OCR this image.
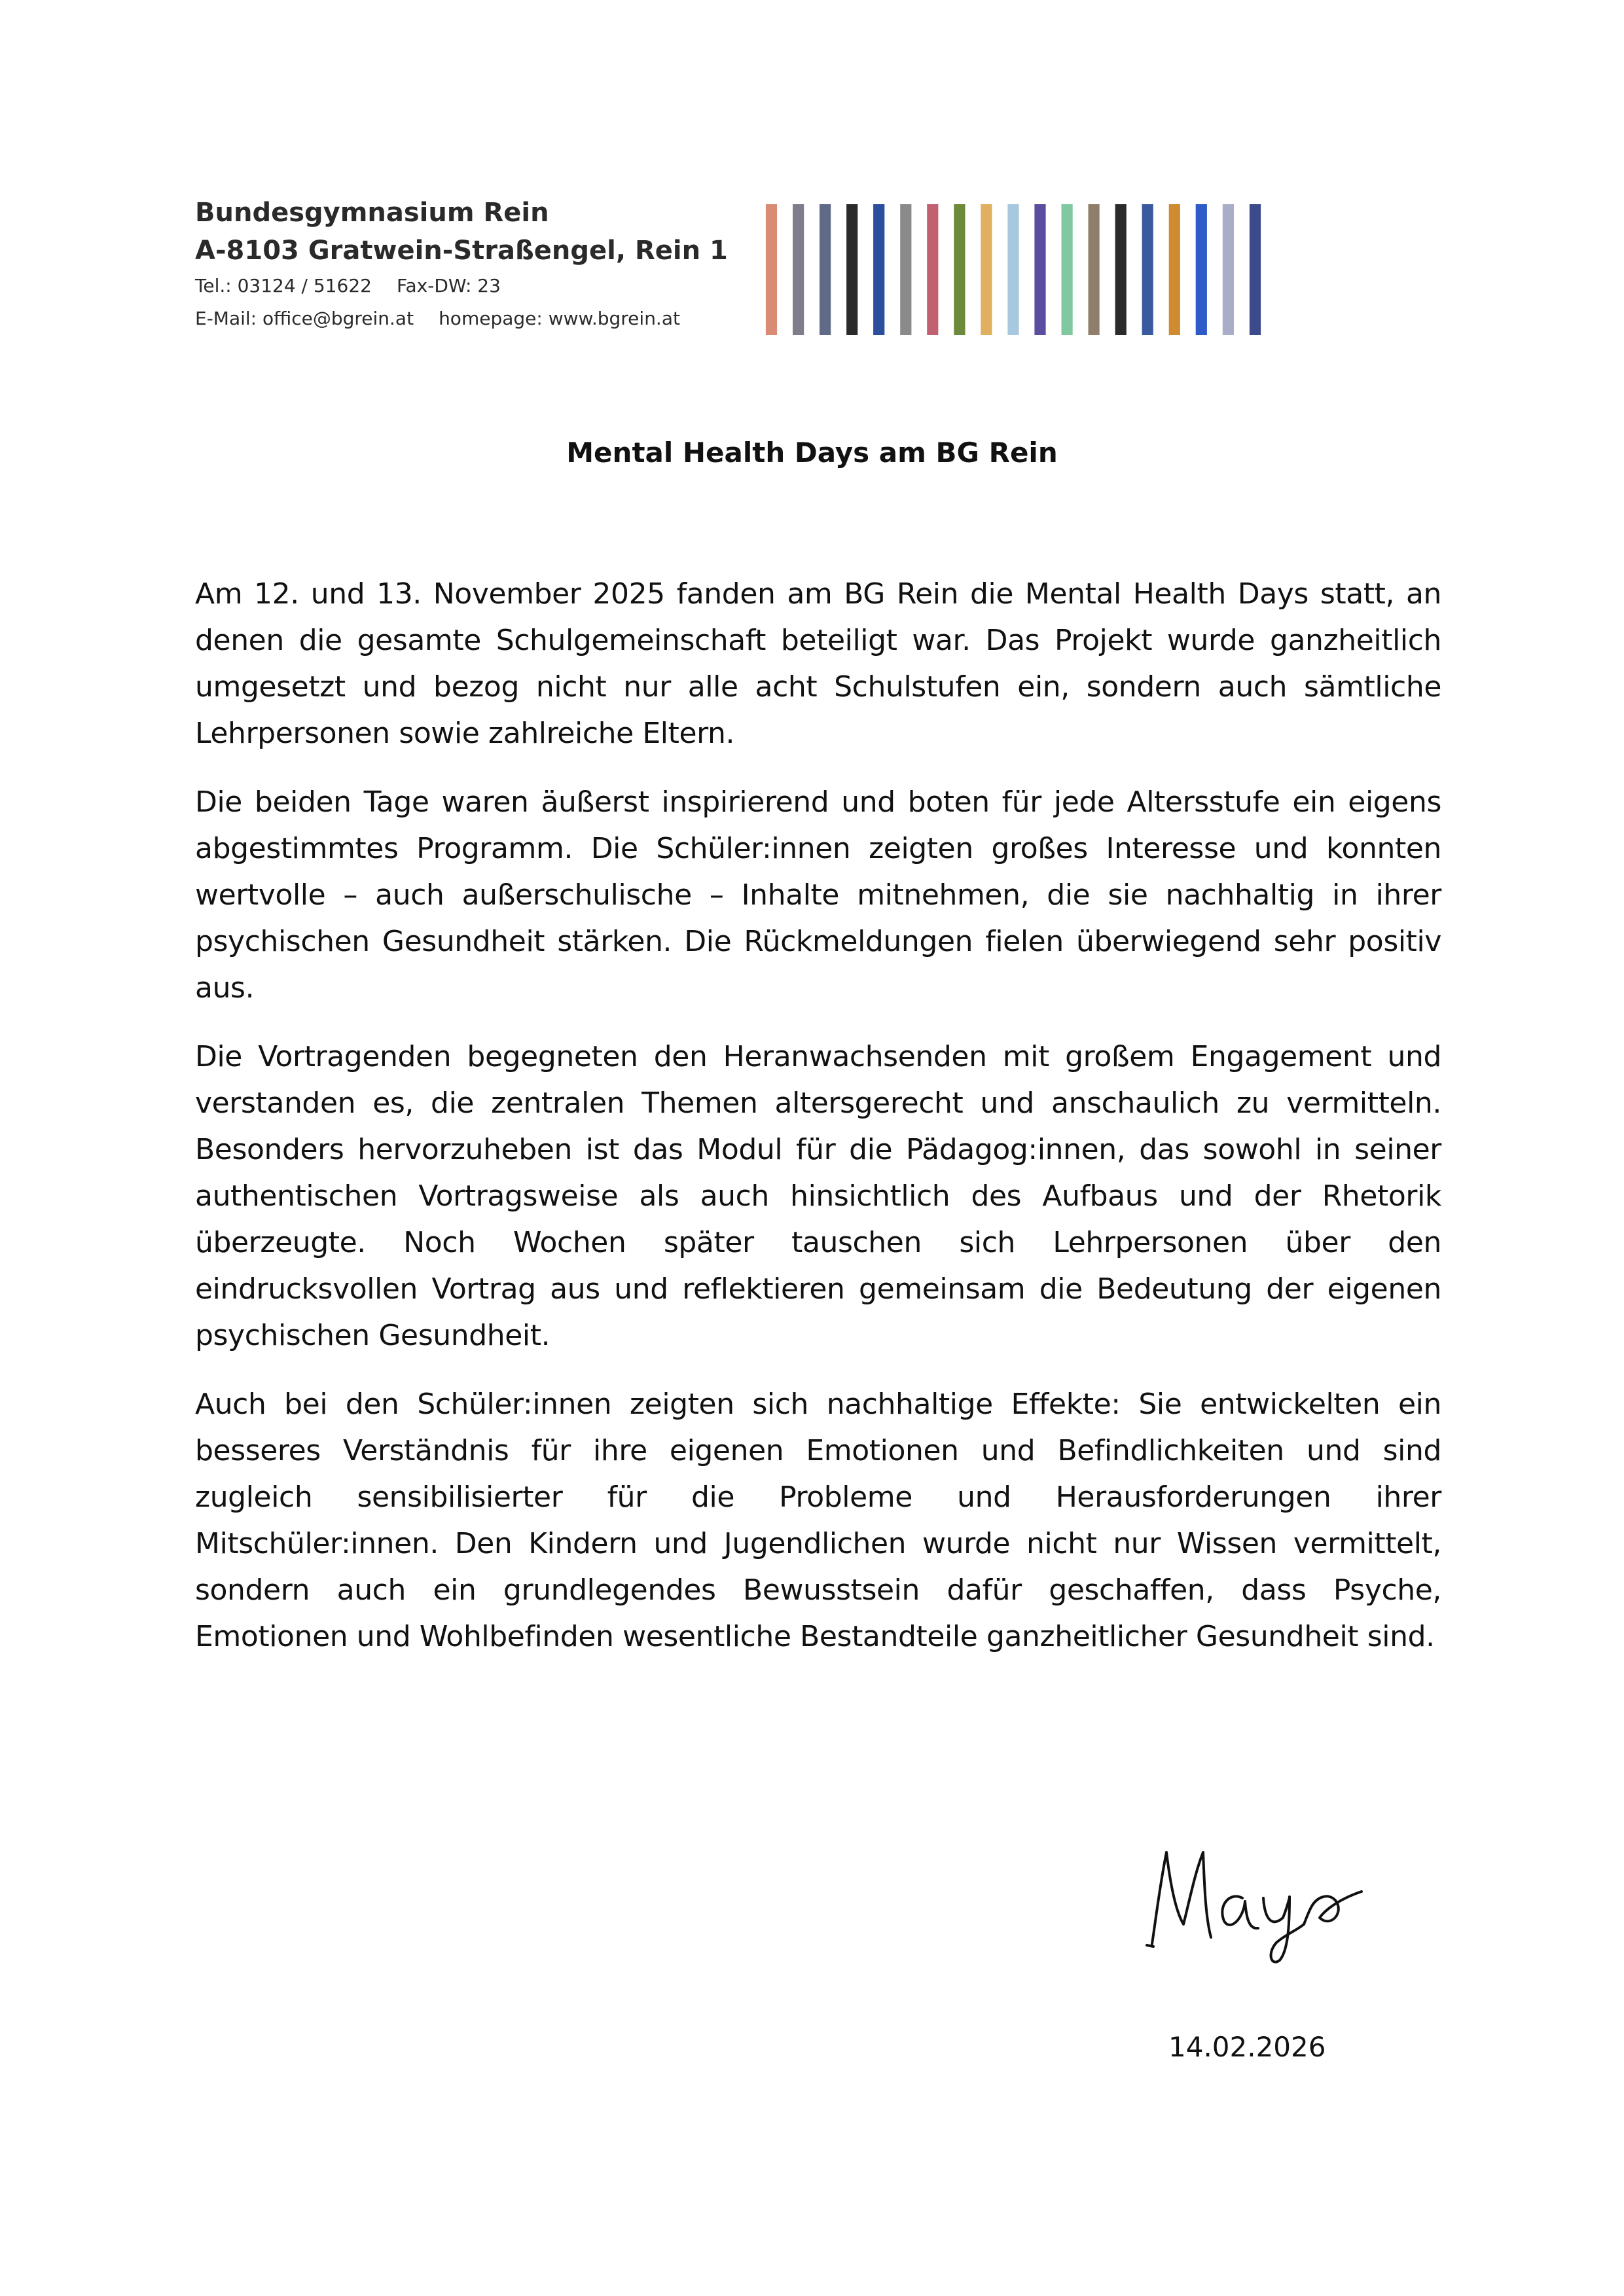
Bundesgymnasium Rein
A-8103 Gratwein-Straßengel, Rein 1
Tel.: 03124 / 51622 Fax-DW: 23
E-Mail: office@bgrein.at homepage: www.bgrein.at
Mental Health Days am BG Rein

Am 12. und 13. November 2025 fanden am BG Rein die Mental Health Days statt, an denen die gesamte Schulgemeinschaft beteiligt war. Das Projekt wurde ganzheitlich umgesetzt und bezog nicht nur alle acht Schulstufen ein, sondern auch sämtliche Lehrpersonen sowie zahlreiche Eltern.

Die beiden Tage waren äußerst inspirierend und boten für jede Altersstufe ein eigens abgestimmtes Programm. Die Schüler:innen zeigten großes Interesse und konnten wertvolle – auch außerschulische – Inhalte mitnehmen, die sie nachhaltig in ihrer psychischen Gesundheit stärken. Die Rückmeldungen fielen überwiegend sehr positiv aus.

Die Vortragenden begegneten den Heranwachsenden mit großem Engagement und verstanden es, die zentralen Themen altersgerecht und anschaulich zu vermitteln. Besonders hervorzuheben ist das Modul für die Pädagog:innen, das sowohl in seiner authentischen Vortragsweise als auch hinsichtlich des Aufbaus und der Rhetorik überzeugte. Noch Wochen später tauschen sich Lehrpersonen über den eindrucksvollen Vortrag aus und reflektieren gemeinsam die Bedeutung der eigenen psychischen Gesundheit.

Auch bei den Schüler:innen zeigten sich nachhaltige Effekte: Sie entwickelten ein besseres Verständnis für ihre eigenen Emotionen und Befindlichkeiten und sind zugleich sensibilisierter für die Probleme und Herausforderungen ihrer Mitschüler:innen. Den Kindern und Jugendlichen wurde nicht nur Wissen vermittelt, sondern auch ein grundlegendes Bewusstsein dafür geschaffen, dass Psyche, Emotionen und Wohlbefinden wesentliche Bestandteile ganzheitlicher Gesundheit sind.

14.02.2026
